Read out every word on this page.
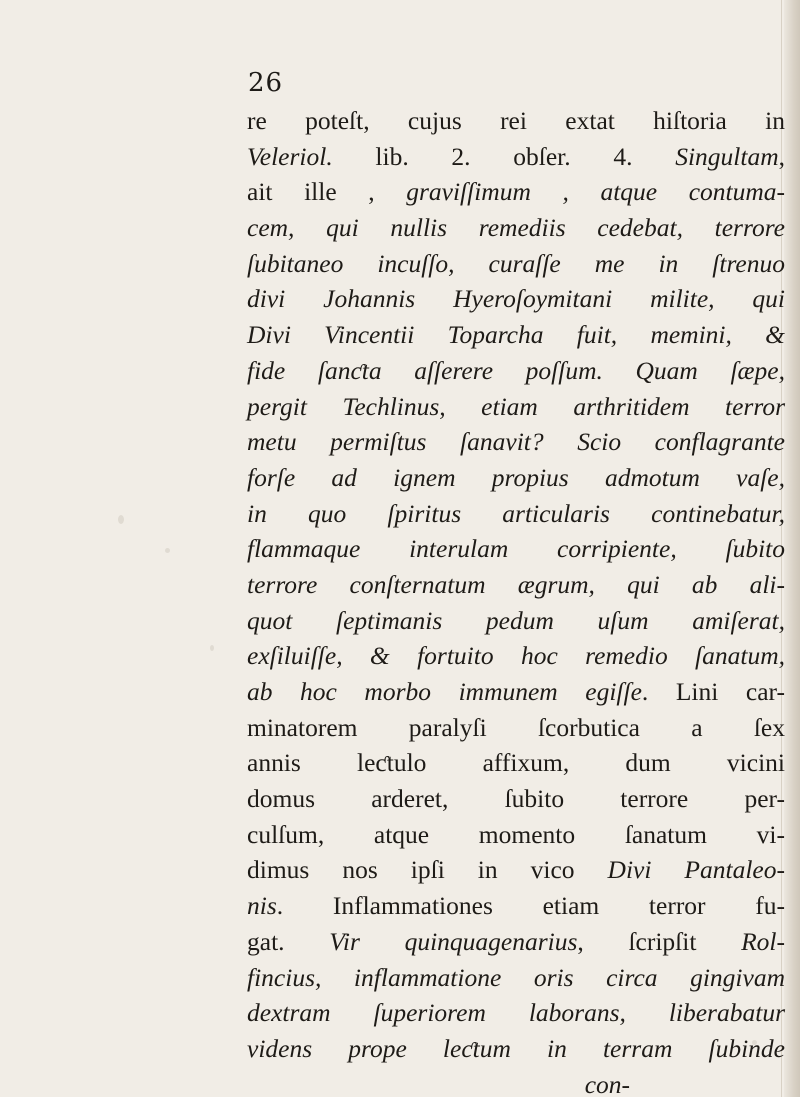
26
re poteſt, cujus rei extat hiſtoria in
Veleriol. lib. 2. obſer. 4. Singultam,
ait ille , graviſſimum , atque contuma-
cem, qui nullis remediis cedebat, terrore
ſubitaneo incuſſo, curaſſe me in ſtrenuo
divi Johannis Hyeroſoymitani milite, qui
Divi Vincentii Toparcha fuit, memini, &
fide ſanƈta aſſerere poſſum. Quam ſæpe,
pergit Techlinus, etiam arthritidem terror
metu permiſtus ſanavit? Scio conflagrante
forſe ad ignem propius admotum vaſe,
in quo ſpiritus articularis continebatur,
flammaque interulam corripiente, ſubito
terrore conſternatum ægrum, qui ab ali-
quot ſeptimanis pedum uſum amiſerat,
exſiluiſſe, & fortuito hoc remedio ſanatum,
ab hoc morbo immunem egiſſe. Lini car-
minatorem paralyſi ſcorbutica a ſex
annis leƈtulo affixum, dum vicini
domus arderet, ſubito terrore per-
culſum, atque momento ſanatum vi-
dimus nos ipſi in vico Divi Pantaleo-
nis. Inflammationes etiam terror fu-
gat. Vir quinquagenarius, ſcripſit Rol-
fincius, inflammatione oris circa gingivam
dextram ſuperiorem laborans, liberabatur
videns prope leƈtum in terram ſubinde
con-
